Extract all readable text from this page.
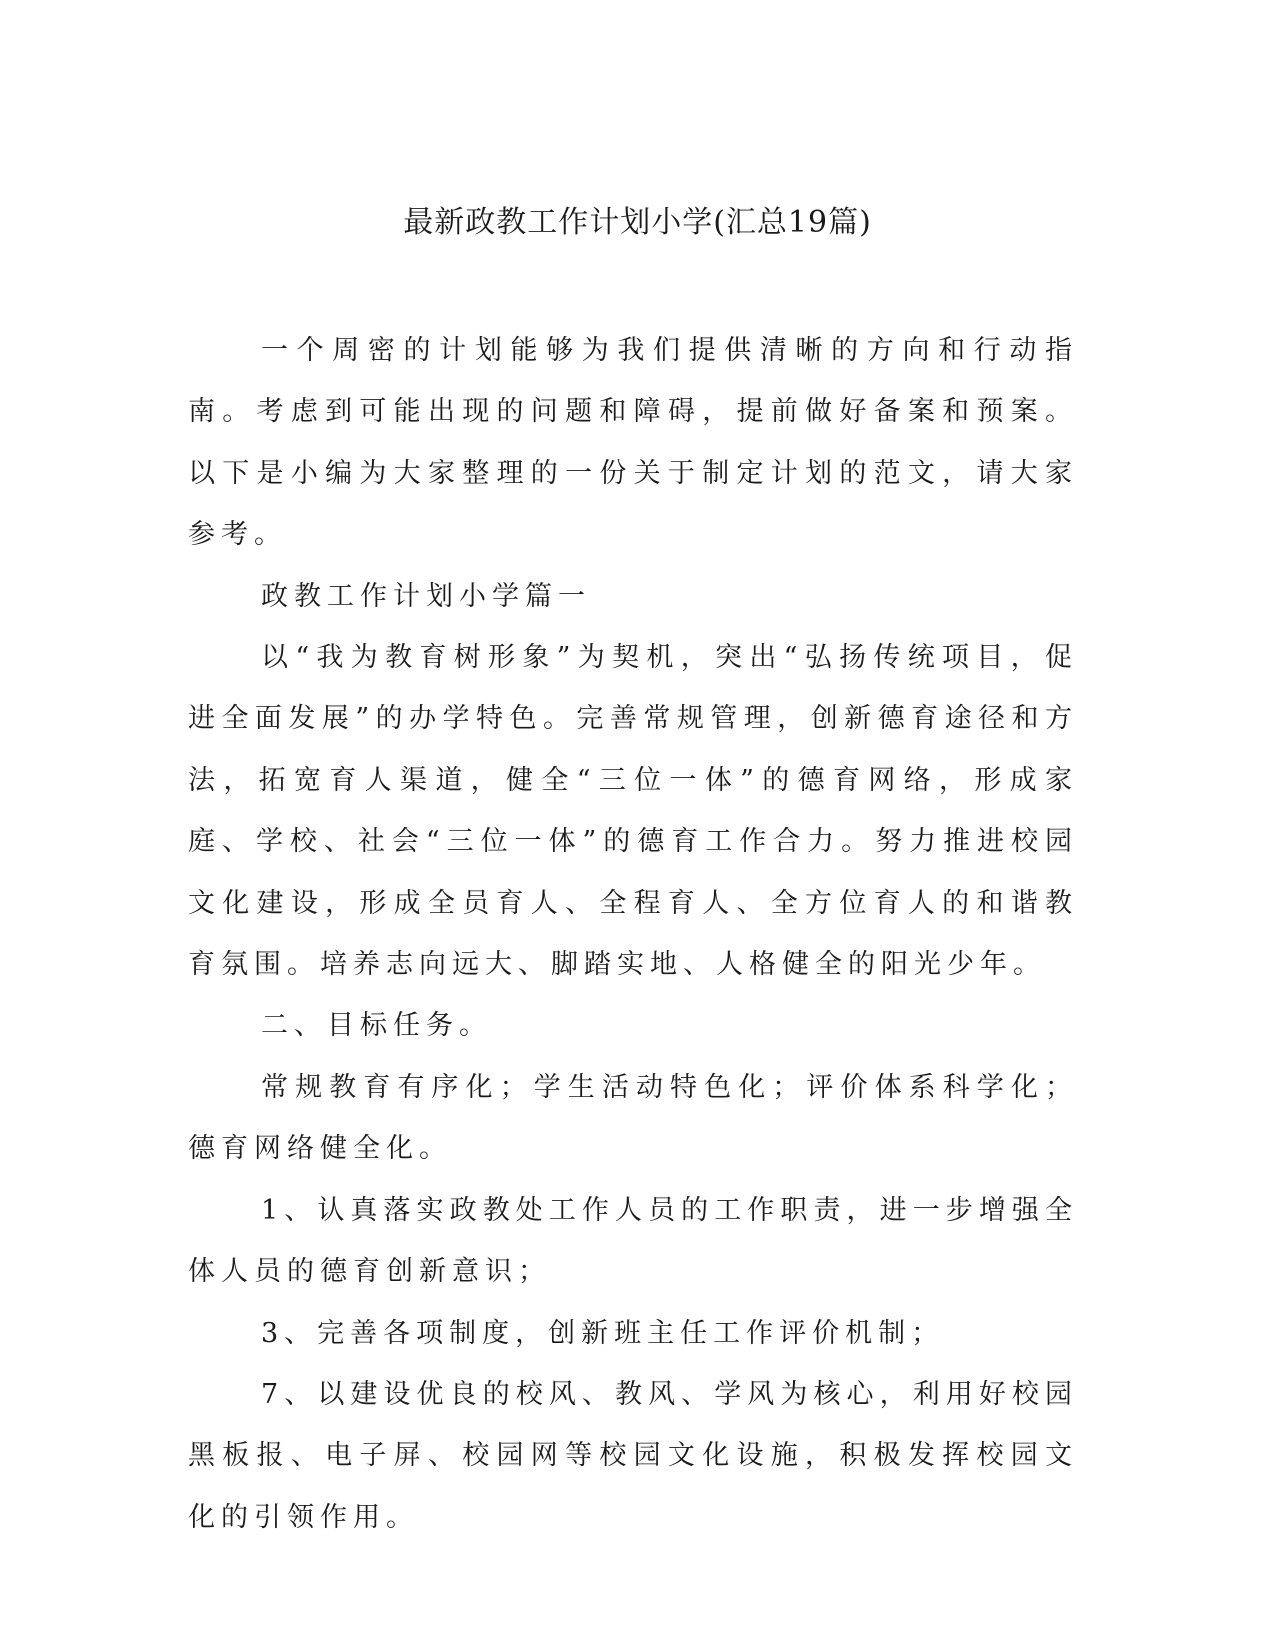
最新政教工作计划小学(汇总19篇)

一个周密的计划能够为我们提供清晰的方向和行动指南。考虑到可能出现的问题和障碍，提前做好备案和预案。以下是小编为大家整理的一份关于制定计划的范文，请大家参考。

政教工作计划小学篇一

以“我为教育树形象”为契机，突出“弘扬传统项目，促进全面发展”的办学特色。完善常规管理，创新德育途径和方法，拓宽育人渠道，健全“三位一体”的德育网络，形成家庭、学校、社会“三位一体”的德育工作合力。努力推进校园文化建设，形成全员育人、全程育人、全方位育人的和谐教育氛围。培养志向远大、脚踏实地、人格健全的阳光少年。

二、目标任务。

常规教育有序化；学生活动特色化；评价体系科学化；德育网络健全化。

1、认真落实政教处工作人员的工作职责，进一步增强全体人员的德育创新意识；

3、完善各项制度，创新班主任工作评价机制；

7、以建设优良的校风、教风、学风为核心，利用好校园黑板报、电子屏、校园网等校园文化设施，积极发挥校园文化的引领作用。
